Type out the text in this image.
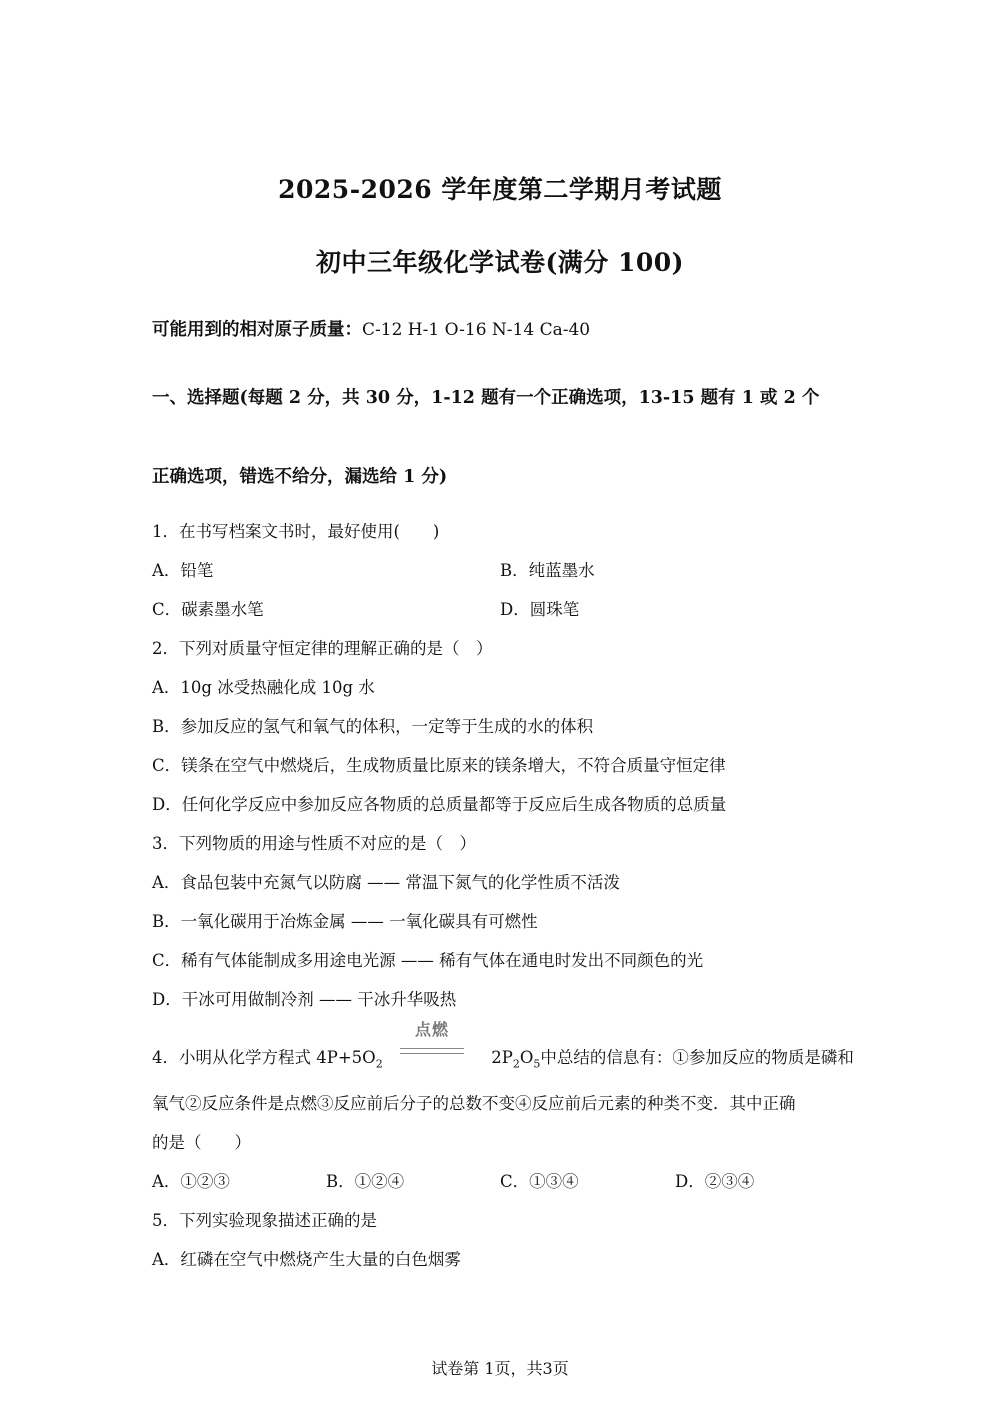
2025-2026 学年度第二学期月考试题
初中三年级化学试卷(满分 100)
可能用到的相对原子质量：C-12 H-1 O-16 N-14 Ca-40
一、选择题(每题 2 分，共 30 分，1-12 题有一个正确选项，13-15 题有 1 或 2 个
正确选项，错选不给分，漏选给 1 分)
1．在书写档案文书时，最好使用(　　)
A．铅笔	B．纯蓝墨水
C．碳素墨水笔	D．圆珠笔
2．下列对质量守恒定律的理解正确的是（　）
A．10g 冰受热融化成 10g 水
B．参加反应的氢气和氧气的体积，一定等于生成的水的体积
C．镁条在空气中燃烧后，生成物质量比原来的镁条增大，不符合质量守恒定律
D．任何化学反应中参加反应各物质的总质量都等于反应后生成各物质的总质量
3．下列物质的用途与性质不对应的是（　）
A．食品包装中充氮气以防腐 —— 常温下氮气的化学性质不活泼
B．一氧化碳用于冶炼金属 —— 一氧化碳具有可燃性
C．稀有气体能制成多用途电光源 —— 稀有气体在通电时发出不同颜色的光
D．干冰可用做制冷剂 —— 干冰升华吸热
4．小明从化学方程式 $4P+5O_2$
点燃
$2P_2O_5$中总结的信息有：①参加反应的物质是磷和
氧气②反应条件是点燃③反应前后分子的总数不变④反应前后元素的种类不变．其中正确
的是（　　）
A．①②③	B．①②④	C．①③④	D．②③④
5．下列实验现象描述正确的是
A．红磷在空气中燃烧产生大量的白色烟雾
试卷第 1页，共3页
